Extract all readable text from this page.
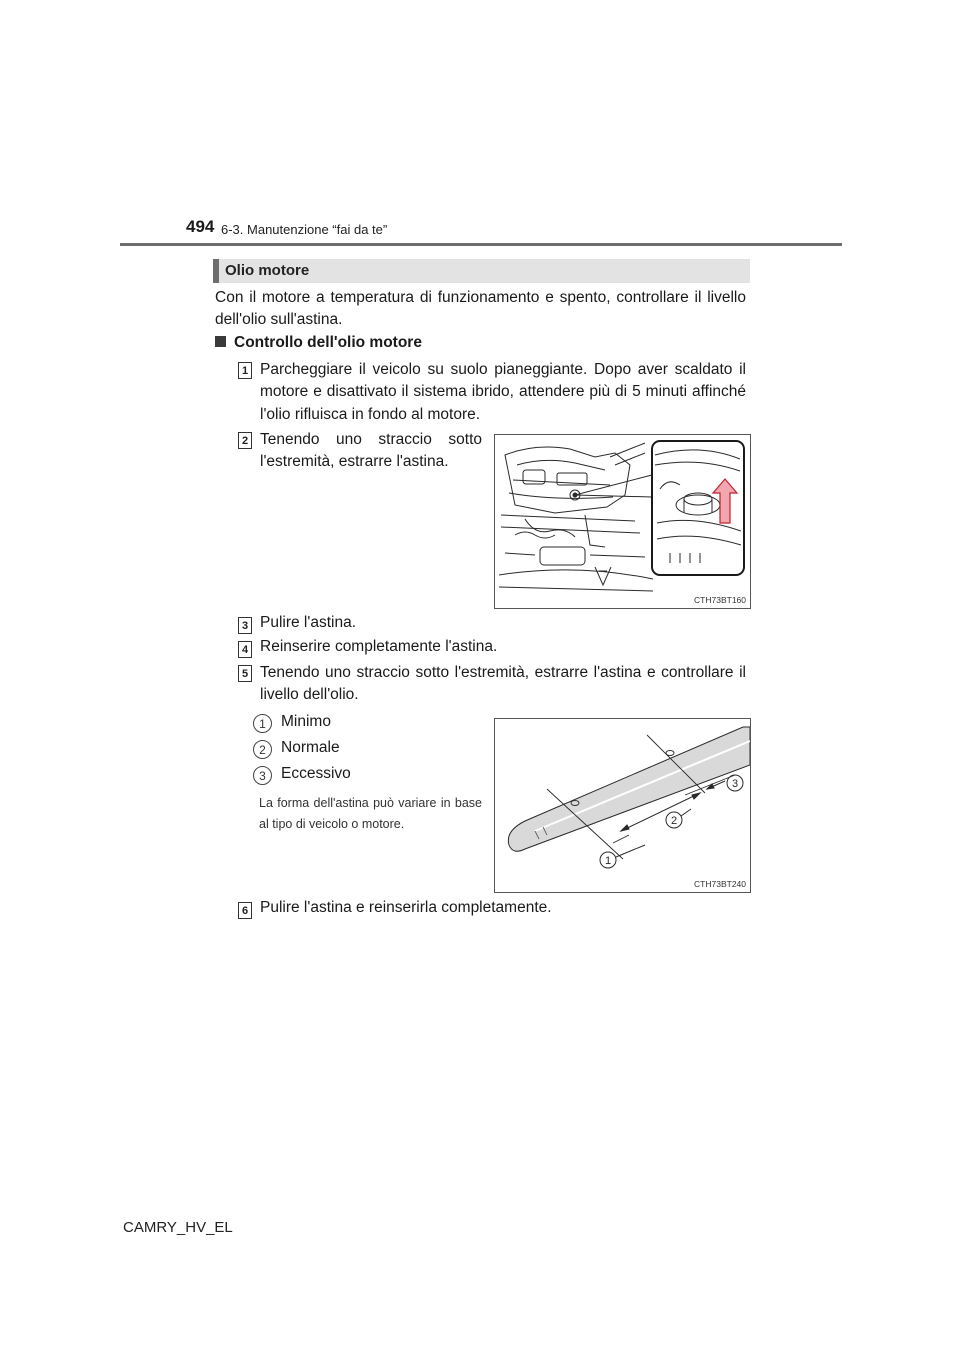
494 6-3. Manutenzione “fai da te”
Olio motore
Con il motore a temperatura di funzionamento e spento, controllare il livello dell'olio sull'astina.
Controllo dell'olio motore
1 Parcheggiare il veicolo su suolo pianeggiante. Dopo aver scaldato il motore e disattivato il sistema ibrido, attendere più di 5 minuti affinché l'olio rifluisca in fondo al motore.
2 Tenendo uno straccio sotto l'estremità, estrarre l'astina.
CTH73BT160
3 Pulire l'astina.
4 Reinserire completamente l'astina.
5 Tenendo uno straccio sotto l'estremità, estrarre l'astina e controllare il livello dell'olio.
1 Minimo
2 Normale
3 Eccessivo
La forma dell'astina può variare in base al tipo di veicolo o motore.
1
2
3
CTH73BT240
6 Pulire l'astina e reinserirla completamente.
CAMRY_HV_EL
